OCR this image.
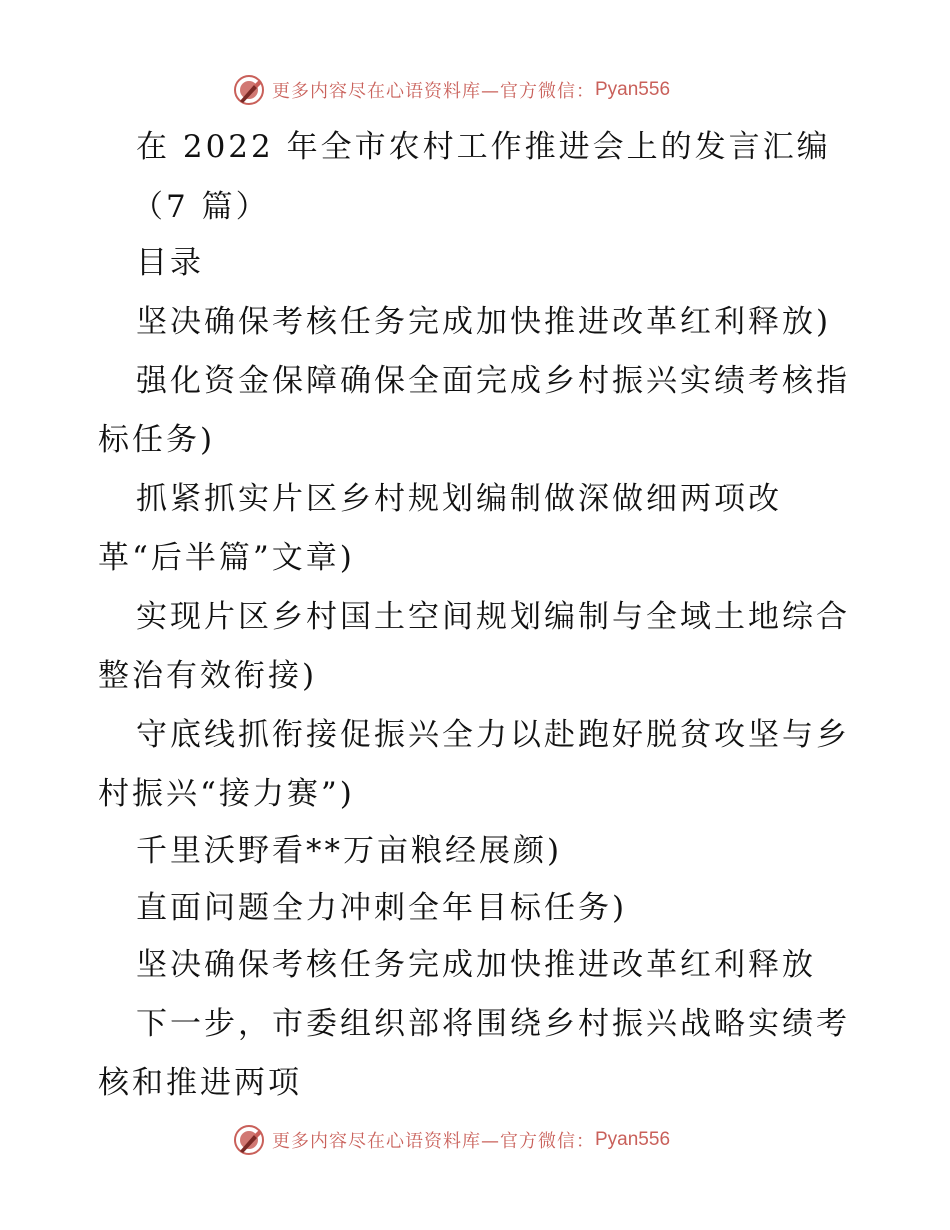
更多内容尽在心语资料库—官方微信： Pyan556
在 2022 年全市农村工作推进会上的发言汇编
（7 篇）
目录
坚决确保考核任务完成加快推进改革红利释放)
强化资金保障确保全面完成乡村振兴实绩考核指
标任务)
抓紧抓实片区乡村规划编制做深做细两项改
革“后半篇”文章)
实现片区乡村国土空间规划编制与全域土地综合
整治有效衔接)
守底线抓衔接促振兴全力以赴跑好脱贫攻坚与乡
村振兴“接力赛”)
千里沃野看**万亩粮经展颜)
直面问题全力冲刺全年目标任务)
坚决确保考核任务完成加快推进改革红利释放
下一步，市委组织部将围绕乡村振兴战略实绩考
核和推进两项
更多内容尽在心语资料库—官方微信： Pyan556
